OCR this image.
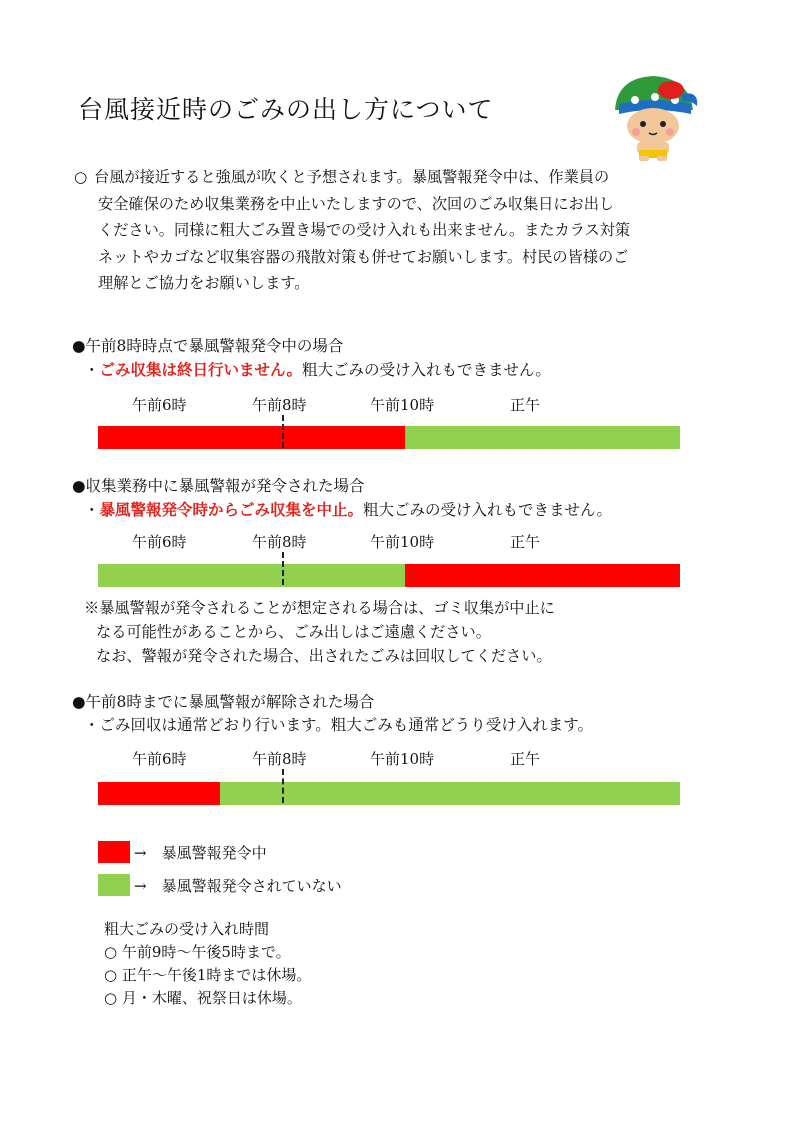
台風接近時のごみの出し方について
○ 台風が接近すると強風が吹くと予想されます。暴風警報発令中は、作業員の
安全確保のため収集業務を中止いたしますので、次回のごみ収集日にお出し
ください。同様に粗大ごみ置き場での受け入れも出来ません。またカラス対策
ネットやカゴなど収集容器の飛散対策も併せてお願いします。村民の皆様のご
理解とご協力をお願いします。
●午前8時時点で暴風警報発令中の場合
・ごみ収集は終日行いません。粗大ごみの受け入れもできません。
午前6時	午前8時	午前10時	正午
●収集業務中に暴風警報が発令された場合
・暴風警報発令時からごみ収集を中止。粗大ごみの受け入れもできません。
午前6時	午前8時	午前10時	正午
※暴風警報が発令されることが想定される場合は、ゴミ収集が中止に
なる可能性があることから、ごみ出しはご遠慮ください。
なお、警報が発令された場合、出されたごみは回収してください。
●午前8時までに暴風警報が解除された場合
・ごみ回収は通常どおり行います。粗大ごみも通常どうり受け入れます。
午前6時	午前8時	午前10時	正午
→　暴風警報発令中
→　暴風警報発令されていない
粗大ごみの受け入れ時間
○ 午前9時～午後5時まで。
○ 正午～午後1時までは休場。
○ 月・木曜、祝祭日は休場。
